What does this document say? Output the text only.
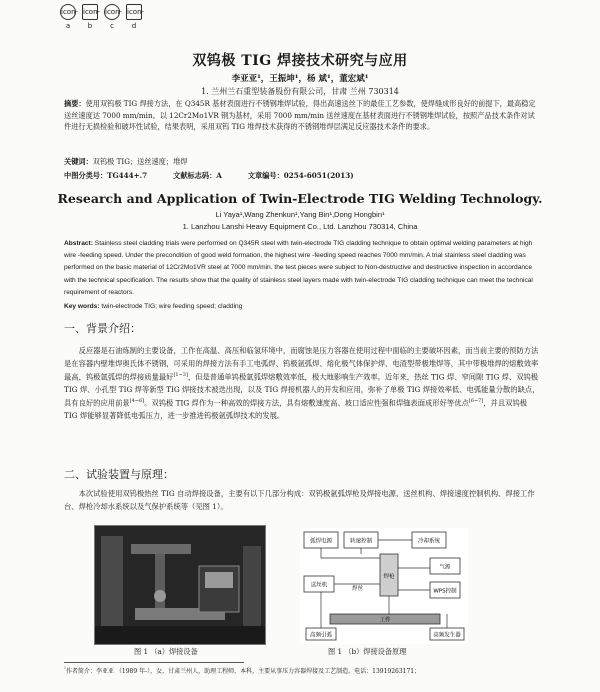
icon-a
icon-b
icon-c
icon-d
双钨极 TIG 焊接技术研究与应用
李亚亚¹，王振坤¹，杨 斌¹，董宏斌¹
1. 兰州兰石重型装备股份有限公司，甘肃 兰州 730314
摘要：使用双钨极 TIG 焊接方法，在 Q345R 基材表面进行不锈钢堆焊试验，得出高速送丝下的最佳工艺参数，使焊缝成形良好的前提下，最高稳定送丝速度达 7000 mm/min。以 12Cr2Mo1VR 钢为基材，采用 7000 mm/min 送丝速度在基材表面进行不锈钢堆焊试验，按照产品技术条件对试件进行无损检验和破坏性试验，结果表明，采用双钨 TIG 堆焊技术获得的不锈钢堆焊层满足反应器技术条件的要求。
关键词：双钨极 TIG；送丝速度；堆焊
中图分类号：TG444+.7	文献标志码：A	文章编号：0254-6051(2013)
Research and Application of Twin-Electrode TIG Welding Technology.
Li Yaya¹,Wang Zhenkun¹,Yang Bin¹,Dong Hongbin¹
1. Lanzhou Lanshi Heavy Equipment Co., Ltd. Lanzhou 730314, China
Abstract: Stainless steel cladding trials were performed on Q345R steel with twin-electrode TIG cladding technique to obtain optimal welding parameters at high wire -feeding speed. Under the precondition of good weld formation, the highest wire -feeding speed reaches 7000 mm/min. A trial stainless steel cladding was performed on the basic material of 12Cr2Mo1VR steel at 7000 mm/min. the test pieces were subject to Non-destructive and destructive inspection in accordance with the technical specification. The results show that the quality of stainless steel layers made with twin-electrode TIG cladding technique can meet the technical requirement of reactors.
Key words: twin-electrode TIG; wire feeding speed; cladding
一、背景介绍：
反应器是石油炼制的主要设备，工作在高温、高压和临氢环境中，而腐蚀是压力容器在使用过程中面临的主要破坏因素，而当前主要的预防方法是在容器内壁堆焊奥氏体不锈钢，可采用的焊接方法有手工电弧焊、钨极氩弧焊、熔化极气体保护焊、电渣型带极堆焊等，其中带极堆焊的熔敷效率最高，钨极氩弧焊的焊接质量最好[1~3]，但是普通单钨极氩弧焊熔敷效率低，极大地影响生产效率。近年来，热丝 TIG 焊、窄间隙 TIG 焊、双钨极 TIG 焊、小孔型 TIG 焊等新型 TIG 焊接技术被迭出现，以及 TIG 焊接机器人的开发和应用，弥补了单极 TIG 焊接效率低、电弧能量分散的缺点，具有良好的应用前景[4~6]。双钨极 TIG 焊作为一种高效的焊接方法，具有熔敷速度高、坡口适应性强和焊缝表面成形好等优点[6~7]，并且双钨极 TIG 焊能够显著降低电弧压力，进一步推进钨极氩弧焊技术的发展。
二、试验装置与原理：
本次试验使用双钨极热丝 TIG 自动焊接设备，主要有以下几部分构成：双钨极氩弧焊枪及焊接电源、送丝机构、焊接速度控制机构、焊接工作台、焊枪冷却水系统以及气保护系统等（见图 1）。
图 1 （a）焊接设备
弧焊电源	转速控制
焊枪
工件
送丝机
焊丝
冷却系统
气源
WPS控制
高频引弧	高频发生器
图 1 （b）焊接设备原理
$^{^1}$作者简介：李亚亚 （1989 年-），女，甘肃兰州人，助理工程师，本科，主要从事压力容器焊接及工艺制造。电话：13919263171；
